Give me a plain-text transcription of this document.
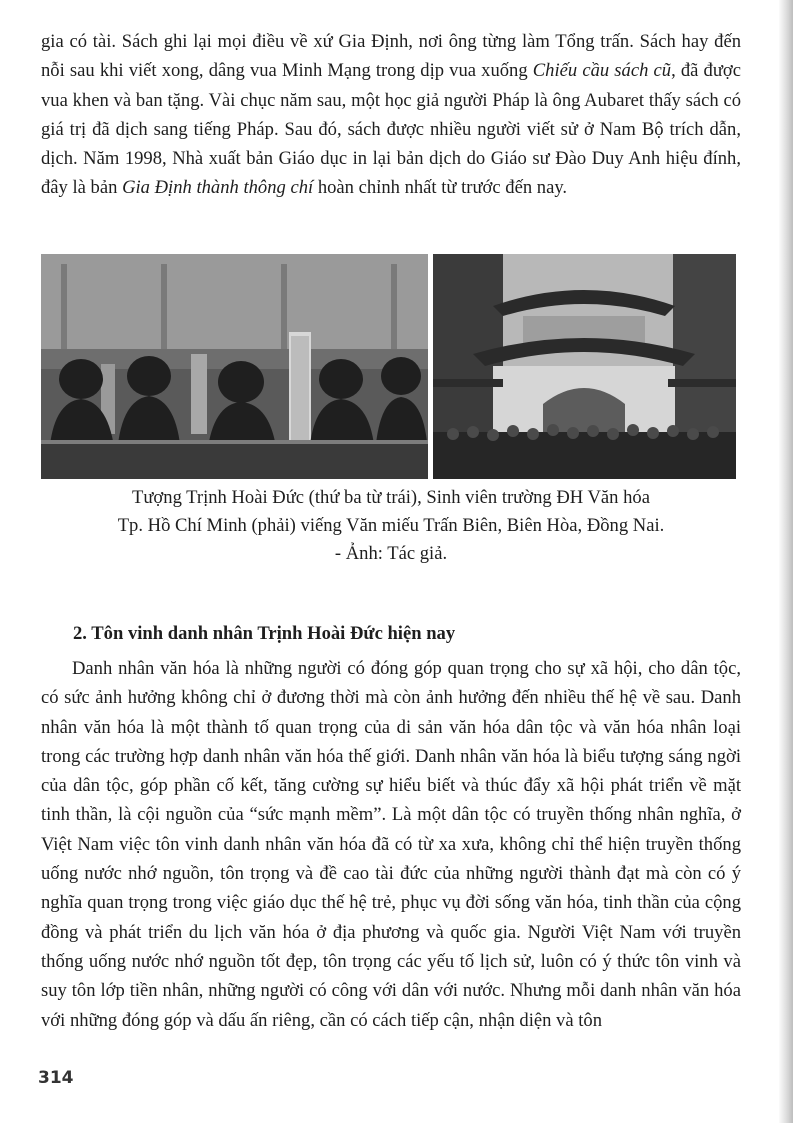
gia có tài. Sách ghi lại mọi điều về xứ Gia Định, nơi ông từng làm Tổng trấn. Sách hay đến nỗi sau khi viết xong, dâng vua Minh Mạng trong dịp vua xuống Chiếu cầu sách cũ, đã được vua khen và ban tặng. Vài chục năm sau, một học giả người Pháp là ông Aubaret thấy sách có giá trị đã dịch sang tiếng Pháp. Sau đó, sách được nhiều người viết sử ở Nam Bộ trích dẫn, dịch. Năm 1998, Nhà xuất bản Giáo dục in lại bản dịch do Giáo sư Đào Duy Anh hiệu đính, đây là bản Gia Định thành thông chí hoàn chỉnh nhất từ trước đến nay.

Tượng Trịnh Hoài Đức (thứ ba từ trái), Sinh viên trường ĐH Văn hóa

Tp. Hồ Chí Minh (phải) viếng Văn miếu Trấn Biên, Biên Hòa, Đồng Nai.

- Ảnh: Tác giả.

2. Tôn vinh danh nhân Trịnh Hoài Đức hiện nay

Danh nhân văn hóa là những người có đóng góp quan trọng cho sự xã hội, cho dân tộc, có sức ảnh hưởng không chỉ ở đương thời mà còn ảnh hưởng đến nhiều thế hệ về sau. Danh nhân văn hóa là một thành tố quan trọng của di sản văn hóa dân tộc và văn hóa nhân loại trong các trường hợp danh nhân văn hóa thế giới. Danh nhân văn hóa là biểu tượng sáng ngời của dân tộc, góp phần cố kết, tăng cường sự hiểu biết và thúc đẩy xã hội phát triển về mặt tinh thần, là cội nguồn của “sức mạnh mềm”. Là một dân tộc có truyền thống nhân nghĩa, ở Việt Nam việc tôn vinh danh nhân văn hóa đã có từ xa xưa, không chỉ thể hiện truyền thống uống nước nhớ nguồn, tôn trọng và đề cao tài đức của những người thành đạt mà còn có ý nghĩa quan trọng trong việc giáo dục thế hệ trẻ, phục vụ đời sống văn hóa, tinh thần của cộng đồng và phát triển du lịch văn hóa ở địa phương và quốc gia. Người Việt Nam với truyền thống uống nước nhớ nguồn tốt đẹp, tôn trọng các yếu tố lịch sử, luôn có ý thức tôn vinh và suy tôn lớp tiền nhân, những người có công với dân với nước. Nhưng mỗi danh nhân văn hóa với những đóng góp và dấu ấn riêng, cần có cách tiếp cận, nhận diện và tôn

314
